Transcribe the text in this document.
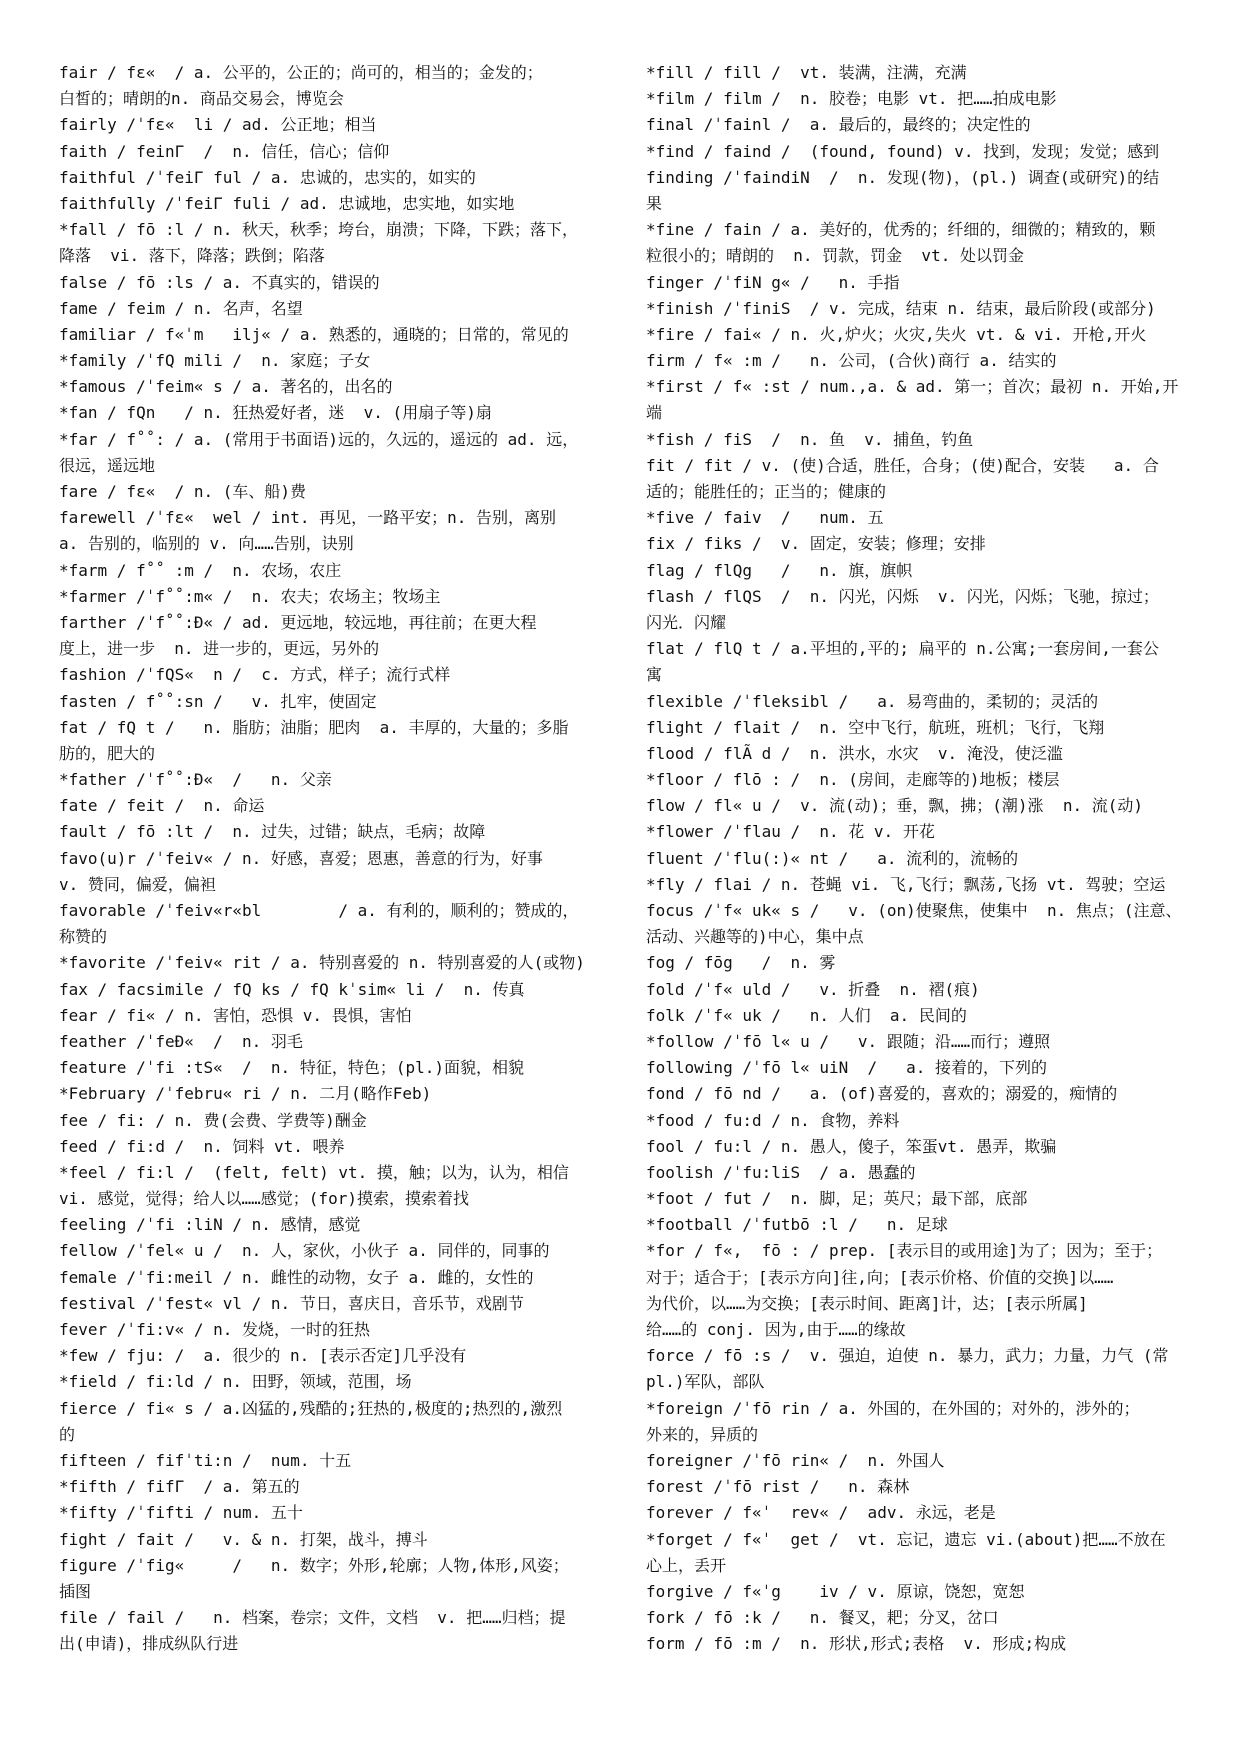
fair / fɛ«  / a. 公平的，公正的；尚可的，相当的；金发的；
白皙的；晴朗的n. 商品交易会，博览会
fairly /ˈfɛ«  li / ad. 公正地；相当
faith / feinΓ  /  n. 信任，信心；信仰
faithful /ˈfeiΓ ful / a. 忠诚的，忠实的，如实的
faithfully /ˈfeiΓ fuli / ad. 忠诚地，忠实地，如实地
*fall / fō :l / n. 秋天，秋季；垮台，崩溃；下降，下跌；落下，
降落  vi. 落下，降落；跌倒；陷落
false / fō :ls / a. 不真实的，错误的
fame / feim / n. 名声，名望
familiar / f«ˈm   ilj« / a. 熟悉的，通晓的；日常的，常见的
*family /ˈfQ mili /  n. 家庭；子女
*famous /ˈfeim« s / a. 著名的，出名的
*fan / fQn   / n. 狂热爱好者，迷  v. (用扇子等)扇
*far / f˚˚: / a. (常用于书面语)远的，久远的，遥远的 ad. 远，
很远，遥远地
fare / fɛ«  / n. (车、船)费
farewell /ˈfɛ«  wel / int. 再见，一路平安；n. 告别，离别
a. 告别的，临别的 v. 向……告别，诀别
*farm / f˚˚ :m /  n. 农场，农庄
*farmer /ˈf˚˚:m« /  n. 农夫；农场主；牧场主
farther /ˈf˚˚:Ð« / ad. 更远地，较远地，再往前；在更大程
度上，进一步  n. 进一步的，更远，另外的
fashion /ˈfQS«  n /  c. 方式，样子；流行式样
fasten / f˚˚:sn /   v. 扎牢，使固定
fat / fQ t /   n. 脂肪；油脂；肥肉  a. 丰厚的，大量的；多脂
肪的，肥大的
*father /ˈf˚˚:Ð«  /   n. 父亲
fate / feit /  n. 命运
fault / fō :lt /  n. 过失，过错；缺点，毛病；故障
favo(u)r /ˈfeiv« / n. 好感，喜爱；恩惠，善意的行为，好事
v. 赞同，偏爱，偏袒
favorable /ˈfeiv«r«bl        / a. 有利的，顺利的；赞成的，
称赞的
*favorite /ˈfeiv« rit / a. 特别喜爱的 n. 特别喜爱的人(或物)
fax / facsimile / fQ ks / fQ kˈsim« li /  n. 传真
fear / fi« / n. 害怕，恐惧 v. 畏惧，害怕
feather /ˈfeÐ«  /  n. 羽毛
feature /ˈfi :tS«  /  n. 特征，特色；(pl.)面貌，相貌
*February /ˈfebru« ri / n. 二月(略作Feb)
fee / fi: / n. 费(会费、学费等)酬金
feed / fi:d /  n. 饲料 vt. 喂养
*feel / fi:l /  (felt, felt) vt. 摸，触；以为，认为，相信
vi. 感觉，觉得；给人以……感觉；(for)摸索，摸索着找
feeling /ˈfi :liN / n. 感情，感觉
fellow /ˈfel« u /  n. 人，家伙，小伙子 a. 同伴的，同事的
female /ˈfi:meil / n. 雌性的动物，女子 a. 雌的，女性的
festival /ˈfest« vl / n. 节日，喜庆日，音乐节，戏剧节
fever /ˈfi:v« / n. 发烧，一时的狂热
*few / fju: /  a. 很少的 n. [表示否定]几乎没有
*field / fi:ld / n. 田野，领域，范围，场
fierce / fi« s / a.凶猛的,残酷的;狂热的,极度的;热烈的,激烈
的
fifteen / fifˈti:n /  num. 十五
*fifth / fifΓ  / a. 第五的
*fifty /ˈfifti / num. 五十
fight / fait /   v. & n. 打架，战斗，搏斗
figure /ˈfig«     /   n. 数字；外形,轮廓；人物,体形,风姿；
插图
file / fail /   n. 档案，卷宗；文件，文档  v. 把……归档；提
出(申请)，排成纵队行进
*fill / fill /  vt. 装满，注满，充满
*film / film /  n. 胶卷；电影 vt. 把……拍成电影
final /ˈfainl /  a. 最后的，最终的；决定性的
*find / faind /  (found, found) v. 找到，发现；发觉；感到
finding /ˈfaindiN  /  n. 发现(物)，(pl.) 调查(或研究)的结
果
*fine / fain / a. 美好的，优秀的；纤细的，细微的；精致的，颗
粒很小的；晴朗的  n. 罚款，罚金  vt. 处以罚金
finger /ˈfiN g« /   n. 手指
*finish /ˈfiniS  / v. 完成，结束 n. 结束，最后阶段(或部分)
*fire / fai« / n. 火,炉火；火灾,失火 vt. & vi. 开枪,开火
firm / f« :m /   n. 公司，(合伙)商行 a. 结实的
*first / f« :st / num.,a. & ad. 第一；首次；最初 n. 开始,开
端
*fish / fiS  /  n. 鱼  v. 捕鱼，钓鱼
fit / fit / v. (使)合适，胜任，合身；(使)配合，安装   a. 合
适的；能胜任的；正当的；健康的
*five / faiv  /   num. 五
fix / fiks /  v. 固定，安装；修理；安排
flag / flQg   /   n. 旗，旗帜
flash / flQS  /  n. 闪光，闪烁  v. 闪光，闪烁；飞驰，掠过；
闪光．闪耀
flat / flQ t / a.平坦的,平的; 扁平的 n.公寓;一套房间,一套公
寓
flexible /ˈfleksibl /   a. 易弯曲的，柔韧的；灵活的
flight / flait /  n. 空中飞行，航班，班机；飞行，飞翔
flood / flÃ d /  n. 洪水，水灾  v. 淹没，使泛滥
*floor / flō : /  n. (房间，走廊等的)地板；楼层
flow / fl« u /  v. 流(动)；垂，飘，拂；(潮)涨  n. 流(动)
*flower /ˈflau /  n. 花 v. 开花
fluent /ˈflu(:)« nt /   a. 流利的，流畅的
*fly / flai / n. 苍蝇 vi. 飞,飞行；飘荡,飞扬 vt. 驾驶；空运
focus /ˈf« uk« s /   v. (on)使聚焦，使集中  n. 焦点；(注意、
活动、兴趣等的)中心，集中点
fog / fōg   /  n. 雾
fold /ˈf« uld /   v. 折叠  n. 褶(痕)
folk /ˈf« uk /   n. 人们  a. 民间的
*follow /ˈfō l« u /   v. 跟随；沿……而行；遵照
following /ˈfō l« uiN  /   a. 接着的，下列的
fond / fō nd /   a. (of)喜爱的，喜欢的；溺爱的，痴情的
*food / fu:d / n. 食物，养料
fool / fu:l / n. 愚人，傻子，笨蛋vt. 愚弄，欺骗
foolish /ˈfu:liS  / a. 愚蠢的
*foot / fut /  n. 脚，足；英尺；最下部，底部
*football /ˈfutbō :l /   n. 足球
*for / f«,  fō : / prep. [表示目的或用途]为了；因为；至于；
对于；适合于；[表示方向]往,向；[表示价格、价值的交换]以……
为代价，以……为交换；[表示时间、距离]计，达；[表示所属]
给……的 conj. 因为,由于……的缘故
force / fō :s /  v. 强迫，迫使 n. 暴力，武力；力量，力气 (常
pl.)军队，部队
*foreign /ˈfō rin / a. 外国的，在外国的；对外的，涉外的；
外来的，异质的
foreigner /ˈfō rin« /  n. 外国人
forest /ˈfō rist /   n. 森林
forever / f«ˈ  rev« /  adv. 永远，老是
*forget / f«ˈ  get /  vt. 忘记，遗忘 vi.(about)把……不放在
心上，丢开
forgive / f«ˈg    iv / v. 原谅，饶恕，宽恕
fork / fō :k /   n. 餐叉，耙；分叉，岔口
form / fō :m /  n. 形状,形式;表格  v. 形成;构成
